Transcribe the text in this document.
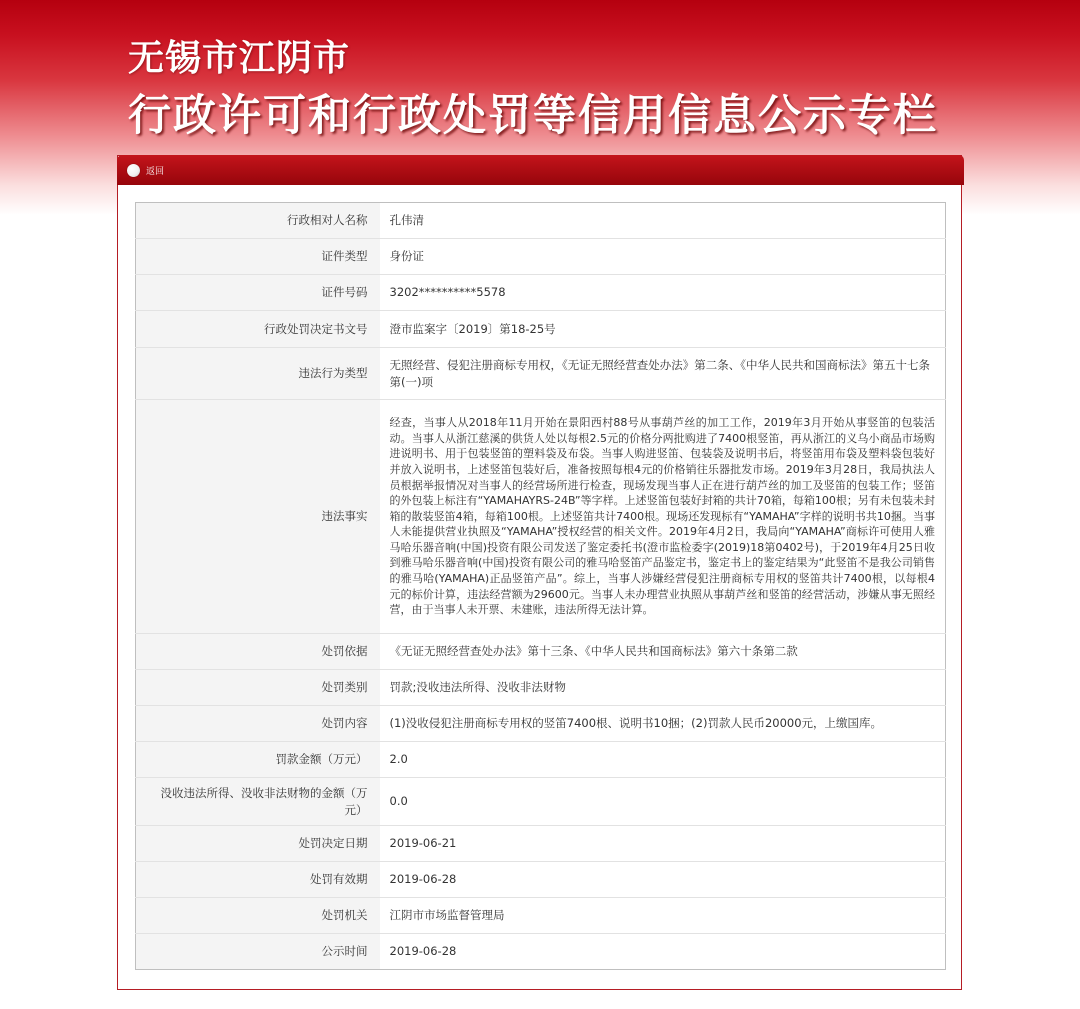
无锡市江阴市
行政许可和行政处罚等信用信息公示专栏
返回
行政相对人名称	孔伟清
证件类型	身份证
证件号码	3202**********5578
行政处罚决定书文号	澄市监案字〔2019〕第18-25号
违法行为类型	无照经营、侵犯注册商标专用权，《无证无照经营查处办法》第二条、《中华人民共和国商标法》第五十七条第(一)项
违法事实	经查，当事人从2018年11月开始在景阳西村88号从事葫芦丝的加工工作，2019年3月开始从事竖笛的包装活动。当事人从浙江慈溪的供货人处以每根2.5元的价格分两批购进了7400根竖笛，再从浙江的义乌小商品市场购进说明书、用于包装竖笛的塑料袋及布袋。当事人购进竖笛、包装袋及说明书后，将竖笛用布袋及塑料袋包装好并放入说明书，上述竖笛包装好后，准备按照每根4元的价格销往乐器批发市场。2019年3月28日，我局执法人员根据举报情况对当事人的经营场所进行检查，现场发现当事人正在进行葫芦丝的加工及竖笛的包装工作；竖笛的外包装上标注有“YAMAHAYRS-24B”等字样。上述竖笛包装好封箱的共计70箱，每箱100根；另有未包装未封箱的散装竖笛4箱，每箱100根。上述竖笛共计7400根。现场还发现标有“YAMAHA”字样的说明书共10捆。当事人未能提供营业执照及“YAMAHA”授权经营的相关文件。2019年4月2日，我局向“YAMAHA”商标许可使用人雅马哈乐器音响(中国)投资有限公司发送了鉴定委托书(澄市监检委字(2019)18第0402号)，于2019年4月25日收到雅马哈乐器音响(中国)投资有限公司的雅马哈竖笛产品鉴定书，鉴定书上的鉴定结果为“此竖笛不是我公司销售的雅马哈(YAMAHA)正品竖笛产品”。综上，当事人涉嫌经营侵犯注册商标专用权的竖笛共计7400根，以每根4元的标价计算，违法经营额为29600元。当事人未办理营业执照从事葫芦丝和竖笛的经营活动，涉嫌从事无照经营，由于当事人未开票、未建账，违法所得无法计算。
处罚依据	《无证无照经营查处办法》第十三条、《中华人民共和国商标法》第六十条第二款
处罚类别	罚款;没收违法所得、没收非法财物
处罚内容	(1)没收侵犯注册商标专用权的竖笛7400根、说明书10捆；(2)罚款人民币20000元，上缴国库。
罚款金额（万元）	2.0
没收违法所得、没收非法财物的金额（万元）	0.0
处罚决定日期	2019-06-21
处罚有效期	2019-06-28
处罚机关	江阴市市场监督管理局
公示时间	2019-06-28
